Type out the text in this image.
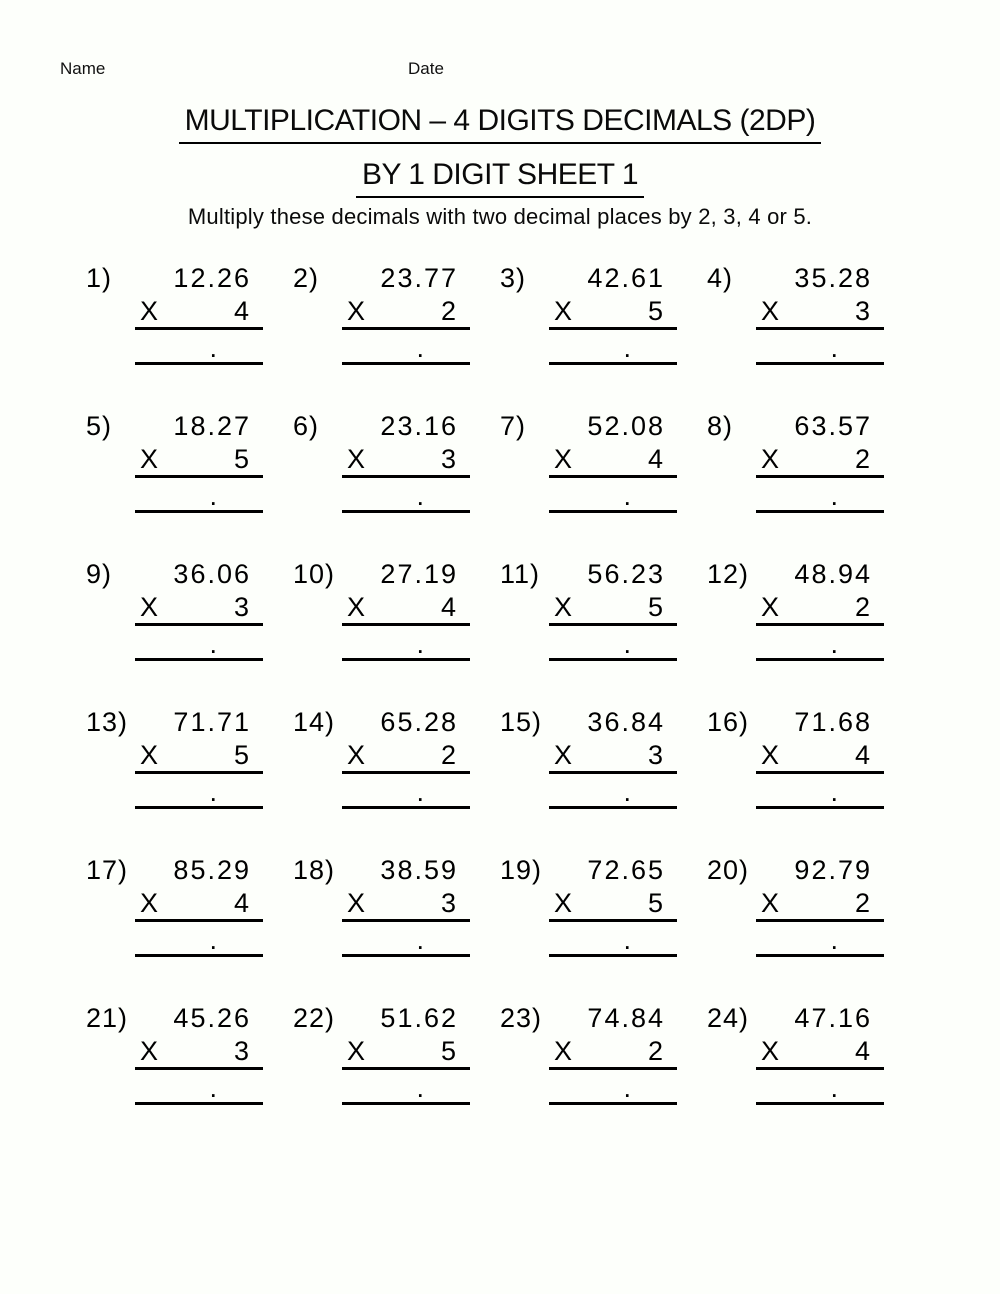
Name	Date
MULTIPLICATION – 4 DIGITS DECIMALS (2DP)
BY 1 DIGIT SHEET 1
Multiply these decimals with two decimal places by 2, 3, 4 or 5.
1)	12.26
X	4
.
2)	23.77
X	2
.
3)	42.61
X	5
.
4)	35.28
X	3
.
5)	18.27
X	5
.
6)	23.16
X	3
.
7)	52.08
X	4
.
8)	63.57
X	2
.
9)	36.06
X	3
.
10)	27.19
X	4
.
11)	56.23
X	5
.
12)	48.94
X	2
.
13)	71.71
X	5
.
14)	65.28
X	2
.
15)	36.84
X	3
.
16)	71.68
X	4
.
17)	85.29
X	4
.
18)	38.59
X	3
.
19)	72.65
X	5
.
20)	92.79
X	2
.
21)	45.26
X	3
.
22)	51.62
X	5
.
23)	74.84
X	2
.
24)	47.16
X	4
.
